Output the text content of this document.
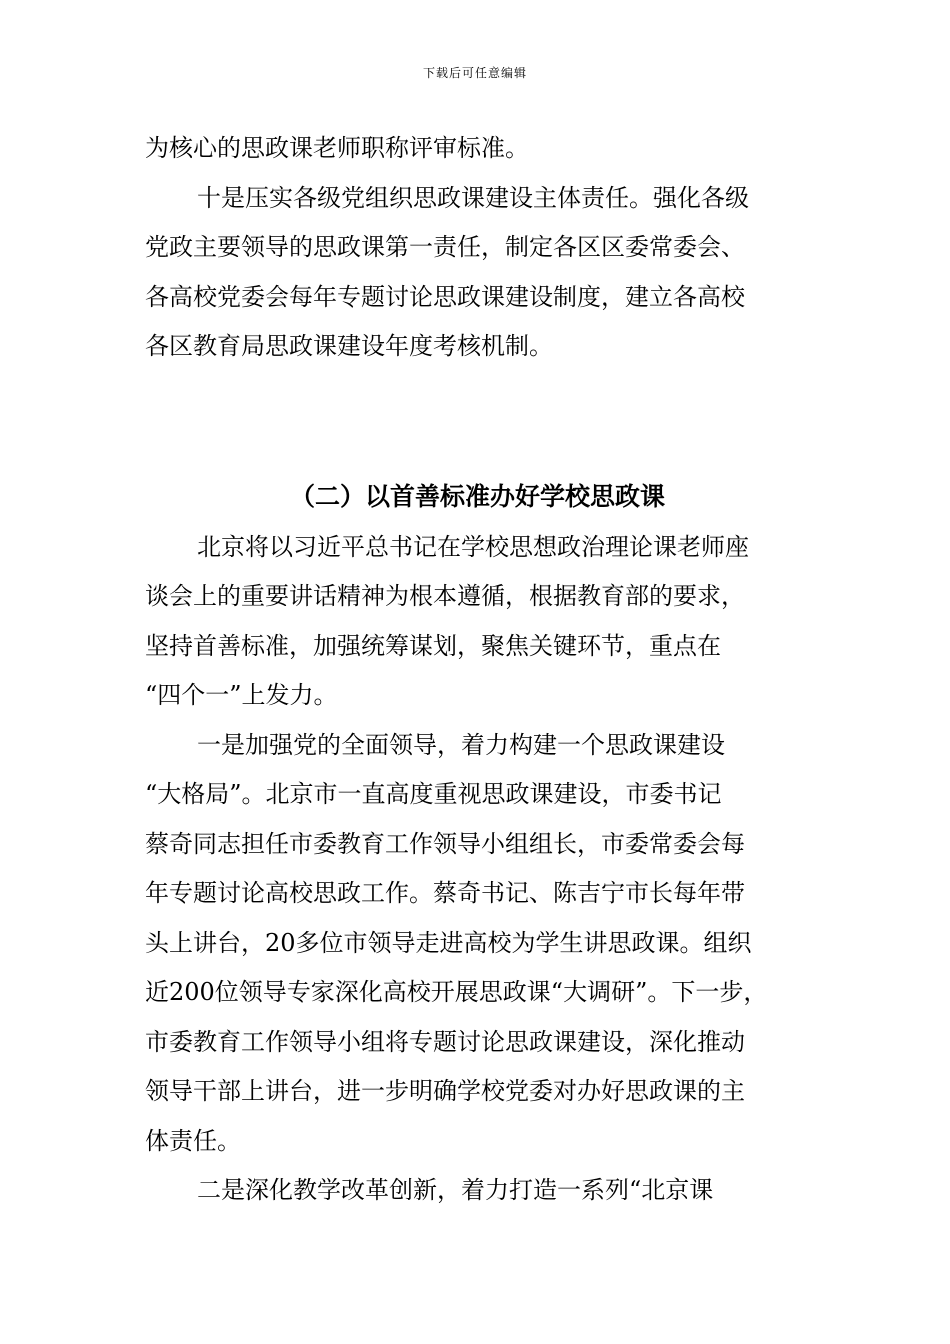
下载后可任意编辑
为核心的思政课老师职称评审标准。
十是压实各级党组织思政课建设主体责任。强化各级
党政主要领导的思政课第一责任，制定各区区委常委会、
各高校党委会每年专题讨论思政课建设制度，建立各高校
各区教育局思政课建设年度考核机制。
（二）以首善标准办好学校思政课
北京将以习近平总书记在学校思想政治理论课老师座
谈会上的重要讲话精神为根本遵循，根据教育部的要求，
坚持首善标准，加强统筹谋划，聚焦关键环节，重点在
“四个一”上发力。
一是加强党的全面领导，着力构建一个思政课建设
“大格局”。北京市一直高度重视思政课建设，市委书记
蔡奇同志担任市委教育工作领导小组组长，市委常委会每
年专题讨论高校思政工作。蔡奇书记、陈吉宁市长每年带
头上讲台，20多位市领导走进高校为学生讲思政课。组织
近200位领导专家深化高校开展思政课“大调研”。下一步，
市委教育工作领导小组将专题讨论思政课建设，深化推动
领导干部上讲台，进一步明确学校党委对办好思政课的主
体责任。
二是深化教学改革创新，着力打造一系列“北京课
